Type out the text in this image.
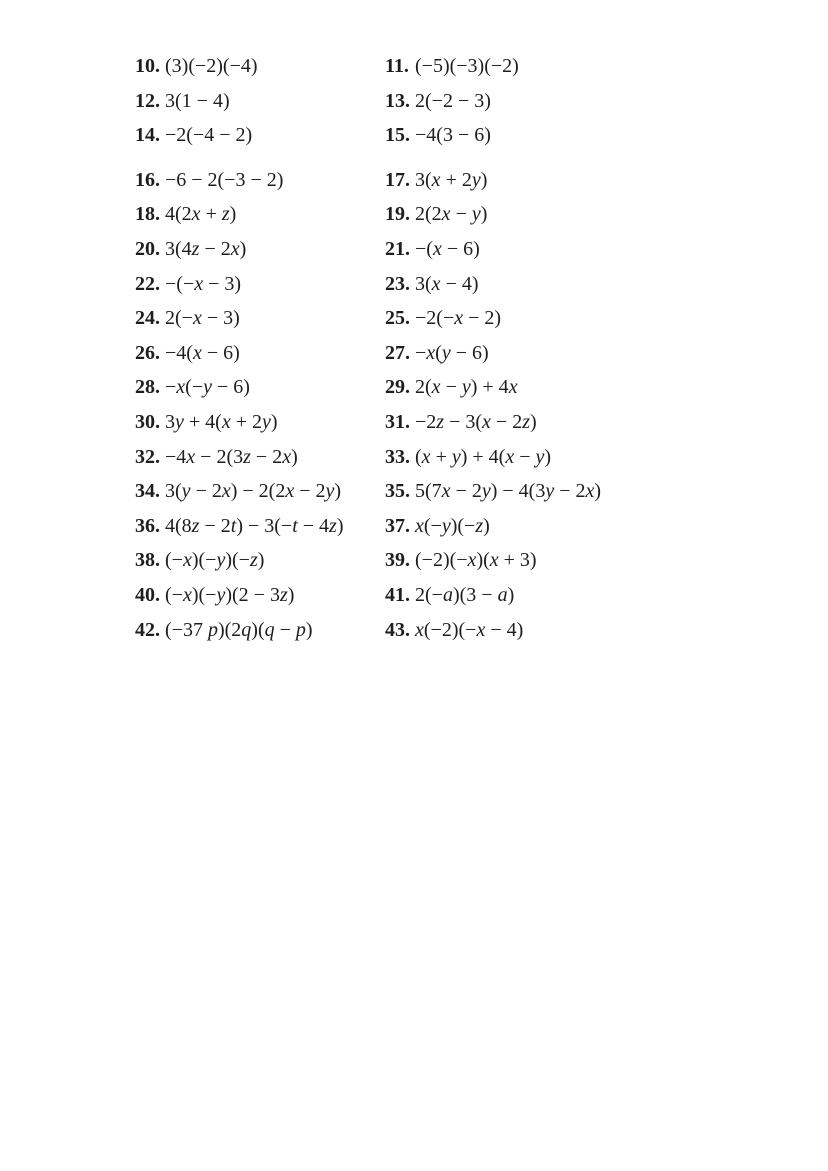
10. (3)(−2)(−4)	11. (−5)(−3)(−2)
12. 3(1 − 4)	13. 2(−2 − 3)
14. −2(−4 − 2)	15. −4(3 − 6)
16. −6 − 2(−3 − 2)	17. 3(x + 2y)
18. 4(2x + z)	19. 2(2x − y)
20. 3(4z − 2x)	21. −(x − 6)
22. −(−x − 3)	23. 3(x − 4)
24. 2(−x − 3)	25. −2(−x − 2)
26. −4(x − 6)	27. −x(y − 6)
28. −x(−y − 6)	29. 2(x − y) + 4x
30. 3y + 4(x + 2y)	31. −2z − 3(x − 2z)
32. −4x − 2(3z − 2x)	33. (x + y) + 4(x − y)
34. 3(y − 2x) − 2(2x − 2y)	35. 5(7x − 2y) − 4(3y − 2x)
36. 4(8z − 2t) − 3(−t − 4z)	37. x(−y)(−z)
38. (−x)(−y)(−z)	39. (−2)(−x)(x + 3)
40. (−x)(−y)(2 − 3z)	41. 2(−a)(3 − a)
42. (−37 p)(2q)(q − p)	43. x(−2)(−x − 4)
